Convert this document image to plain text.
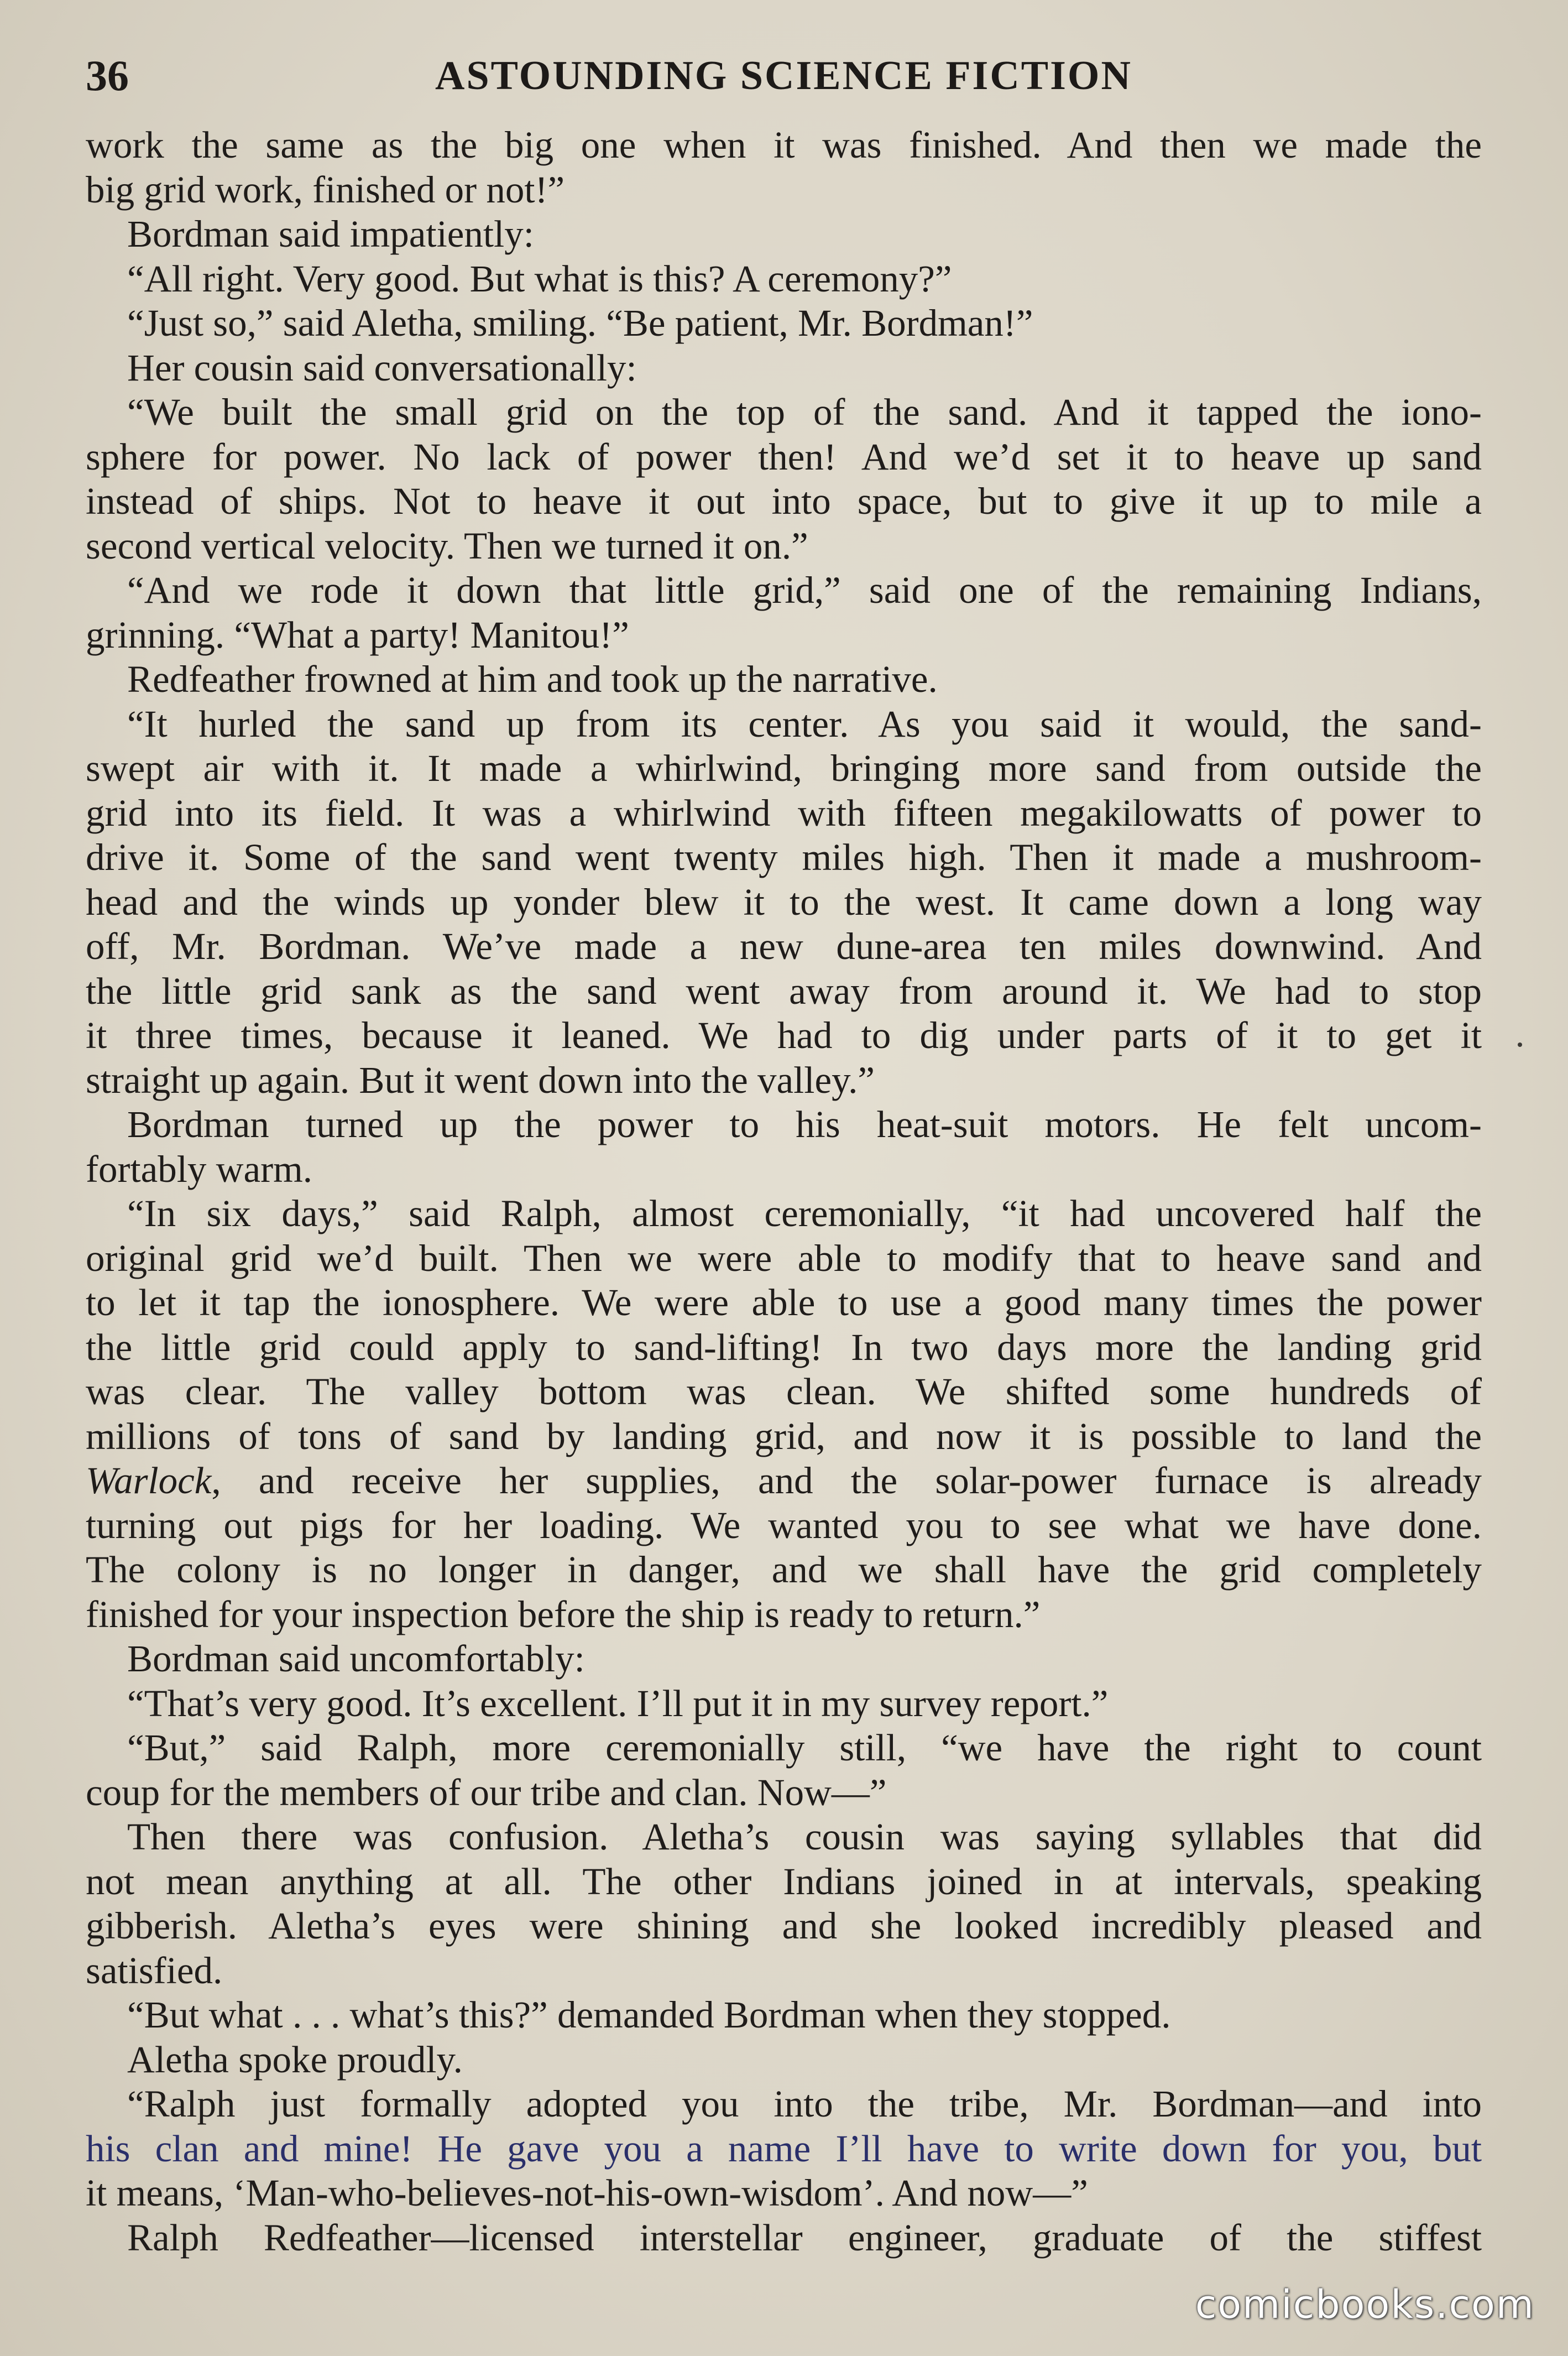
36	ASTOUNDING SCIENCE FICTION
work the same as the big one when it was finished. And then we made the
big grid work, finished or not!”
Bordman said impatiently:
“All right. Very good. But what is this? A ceremony?”
“Just so,” said Aletha, smiling. “Be patient, Mr. Bordman!”
Her cousin said conversationally:
“We built the small grid on the top of the sand. And it tapped the iono-
sphere for power. No lack of power then! And we’d set it to heave up sand
instead of ships. Not to heave it out into space, but to give it up to mile a
second vertical velocity. Then we turned it on.”
“And we rode it down that little grid,” said one of the remaining Indians,
grinning. “What a party! Manitou!”
Redfeather frowned at him and took up the narrative.
“It hurled the sand up from its center. As you said it would, the sand-
swept air with it. It made a whirlwind, bringing more sand from outside the
grid into its field. It was a whirlwind with fifteen megakilowatts of power to
drive it. Some of the sand went twenty miles high. Then it made a mushroom-
head and the winds up yonder blew it to the west. It came down a long way
off, Mr. Bordman. We’ve made a new dune-area ten miles downwind. And
the little grid sank as the sand went away from around it. We had to stop
it three times, because it leaned. We had to dig under parts of it to get it
straight up again. But it went down into the valley.”
Bordman turned up the power to his heat-suit motors. He felt uncom-
fortably warm.
“In six days,” said Ralph, almost ceremonially, “it had uncovered half the
original grid we’d built. Then we were able to modify that to heave sand and
to let it tap the ionosphere. We were able to use a good many times the power
the little grid could apply to sand-lifting! In two days more the landing grid
was clear. The valley bottom was clean. We shifted some hundreds of
millions of tons of sand by landing grid, and now it is possible to land the
Warlock, and receive her supplies, and the solar-power furnace is already
turning out pigs for her loading. We wanted you to see what we have done.
The colony is no longer in danger, and we shall have the grid completely
finished for your inspection before the ship is ready to return.”
Bordman said uncomfortably:
“That’s very good. It’s excellent. I’ll put it in my survey report.”
“But,” said Ralph, more ceremonially still, “we have the right to count
coup for the members of our tribe and clan. Now—”
Then there was confusion. Aletha’s cousin was saying syllables that did
not mean anything at all. The other Indians joined in at intervals, speaking
gibberish. Aletha’s eyes were shining and she looked incredibly pleased and
satisfied.
“But what . . . what’s this?” demanded Bordman when they stopped.
Aletha spoke proudly.
“Ralph just formally adopted you into the tribe, Mr. Bordman—and into
his clan and mine! He gave you a name I’ll have to write down for you, but
it means, ‘Man-who-believes-not-his-own-wisdom’. And now—”
Ralph Redfeather—licensed interstellar engineer, graduate of the stiffest
comicbooks.com
